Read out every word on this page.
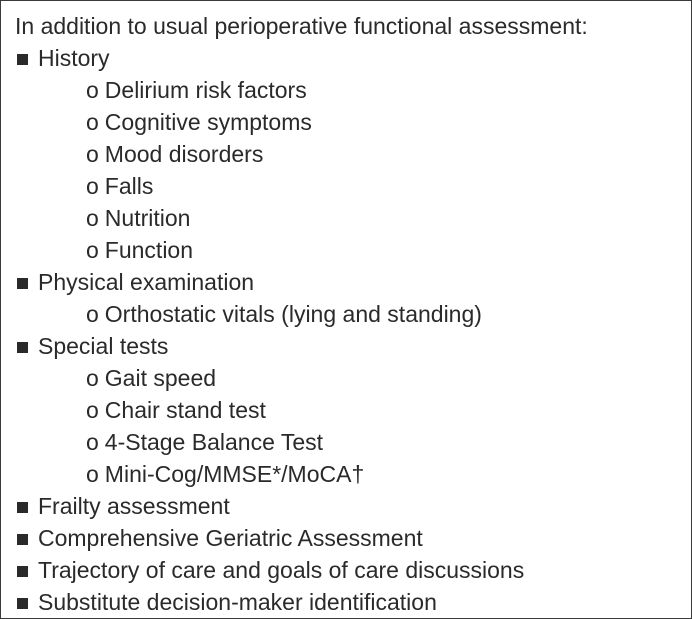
In addition to usual perioperative functional assessment:
History
o Delirium risk factors
o Cognitive symptoms
o Mood disorders
o Falls
o Nutrition
o Function
Physical examination
o Orthostatic vitals (lying and standing)
Special tests
o Gait speed
o Chair stand test
o 4-Stage Balance Test
o Mini-Cog/MMSE*/MoCA†
Frailty assessment
Comprehensive Geriatric Assessment
Trajectory of care and goals of care discussions
Substitute decision-maker identification
